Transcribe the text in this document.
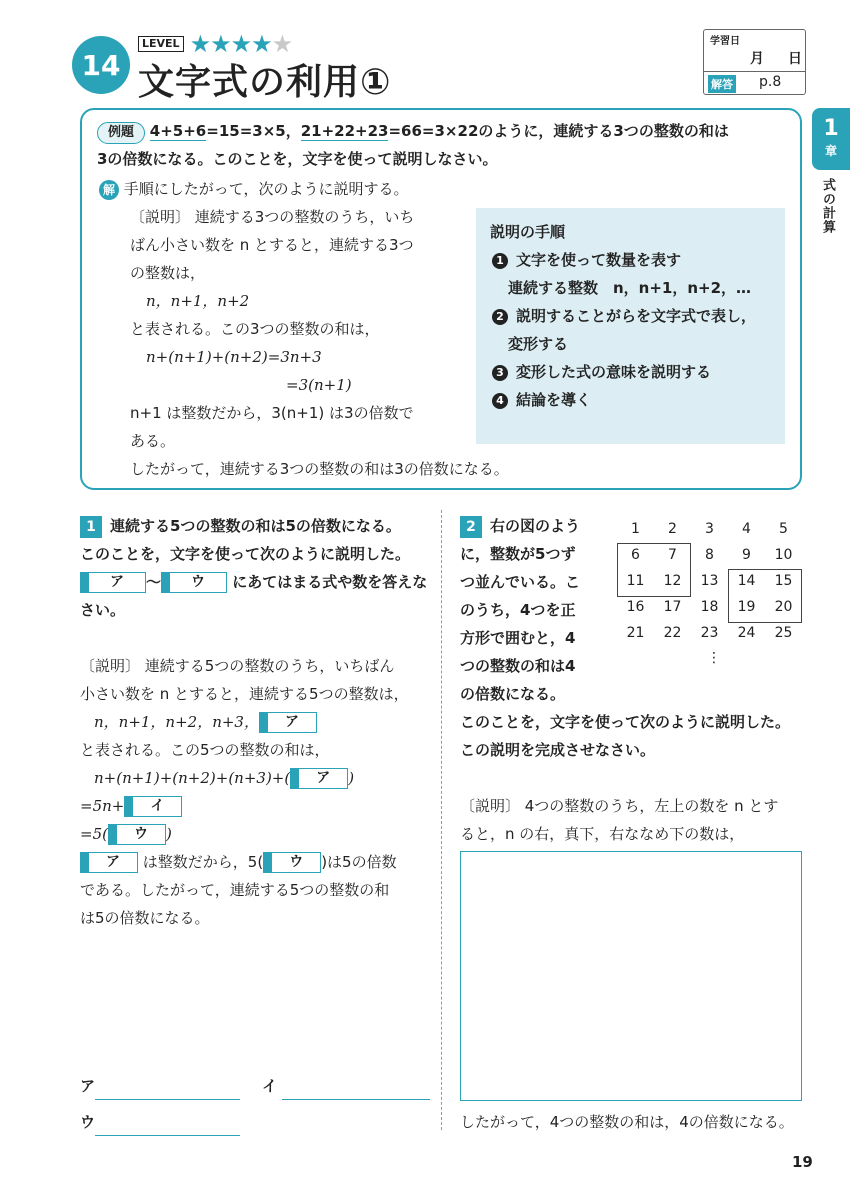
14
LEVEL ★★★★★
文字式の利用①
学習日
月 日
解答 p.8
1
章
式の計算
例題 4+5+6=15=3×5，21+22+23=66=3×22のように，連続する3つの整数の和は
3の倍数になる。このことを，文字を使って説明しなさい。
解 手順にしたがって，次のように説明する。
〔説明〕 連続する3つの整数のうち，いち
ばん小さい数を n とすると，連続する3つ
の整数は，
n，n+1，n+2
と表される。この3つの整数の和は，
n+(n+1)+(n+2)=3n+3
=3(n+1)
n+1 は整数だから，3(n+1) は3の倍数で
ある。
したがって，連続する3つの整数の和は3の倍数になる。
説明の手順
1 文字を使って数量を表す
連続する整数　n，n+1，n+2，…
2 説明することがらを文字式で表し，
変形する
3 変形した式の意味を説明する
4 結論を導く
1 連続する5つの整数の和は5の倍数になる。
このことを，文字を使って次のように説明した。
ア 〜 ウ にあてはまる式や数を答えな
さい。
〔説明〕 連続する5つの整数のうち，いちばん
小さい数を n とすると，連続する5つの整数は，
n，n+1，n+2，n+3， ア
と表される。この5つの整数の和は，
n+(n+1)+(n+2)+(n+3)+( ア )
=5n+ イ
=5( ウ )
ア は整数だから，5( ウ )は5の倍数
である。したがって，連続する5つの整数の和
は5の倍数になる。
ア	イ
ウ
2 右の図のよう
に，整数が5つず
つ並んでいる。こ
のうち，4つを正
方形で囲むと，4
つの整数の和は4
の倍数になる。
このことを，文字を使って次のように説明した。
この説明を完成させなさい。
1	2	3	4	5
6	7	8	9	10
11	12	13	14	15
16	17	18	19	20
21	22	23	24	25
⋮
〔説明〕 4つの整数のうち，左上の数を n とす
ると，n の右，真下，右ななめ下の数は，
したがって，4つの整数の和は，4の倍数になる。
19
